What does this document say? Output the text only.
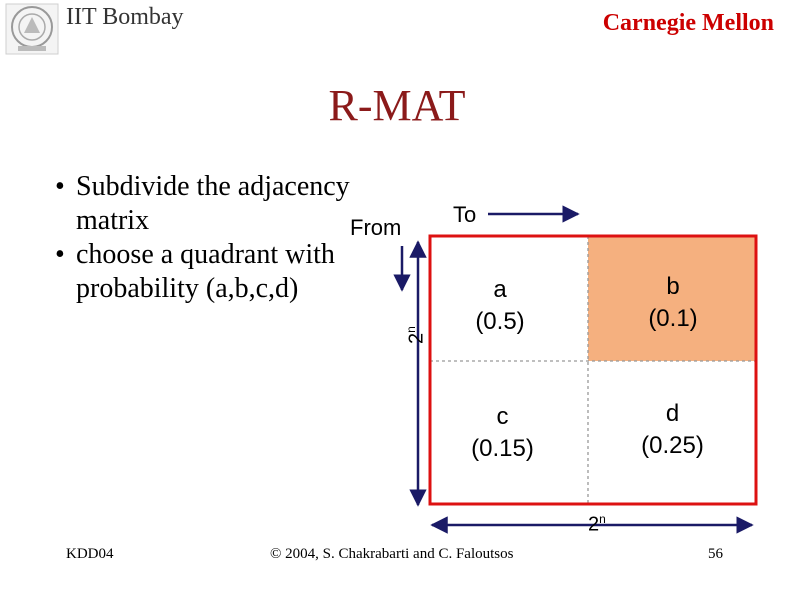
IIT Bombay	Carnegie Mellon
R-MAT
• Subdivide the adjacency matrix
• choose a quadrant with probability (a,b,c,d)
To
From
2$^n$
2$^n$
a
(0.5)
b
(0.1)
c
(0.15)
d
(0.25)
KDD04	© 2004, S. Chakrabarti and C. Faloutsos	56
